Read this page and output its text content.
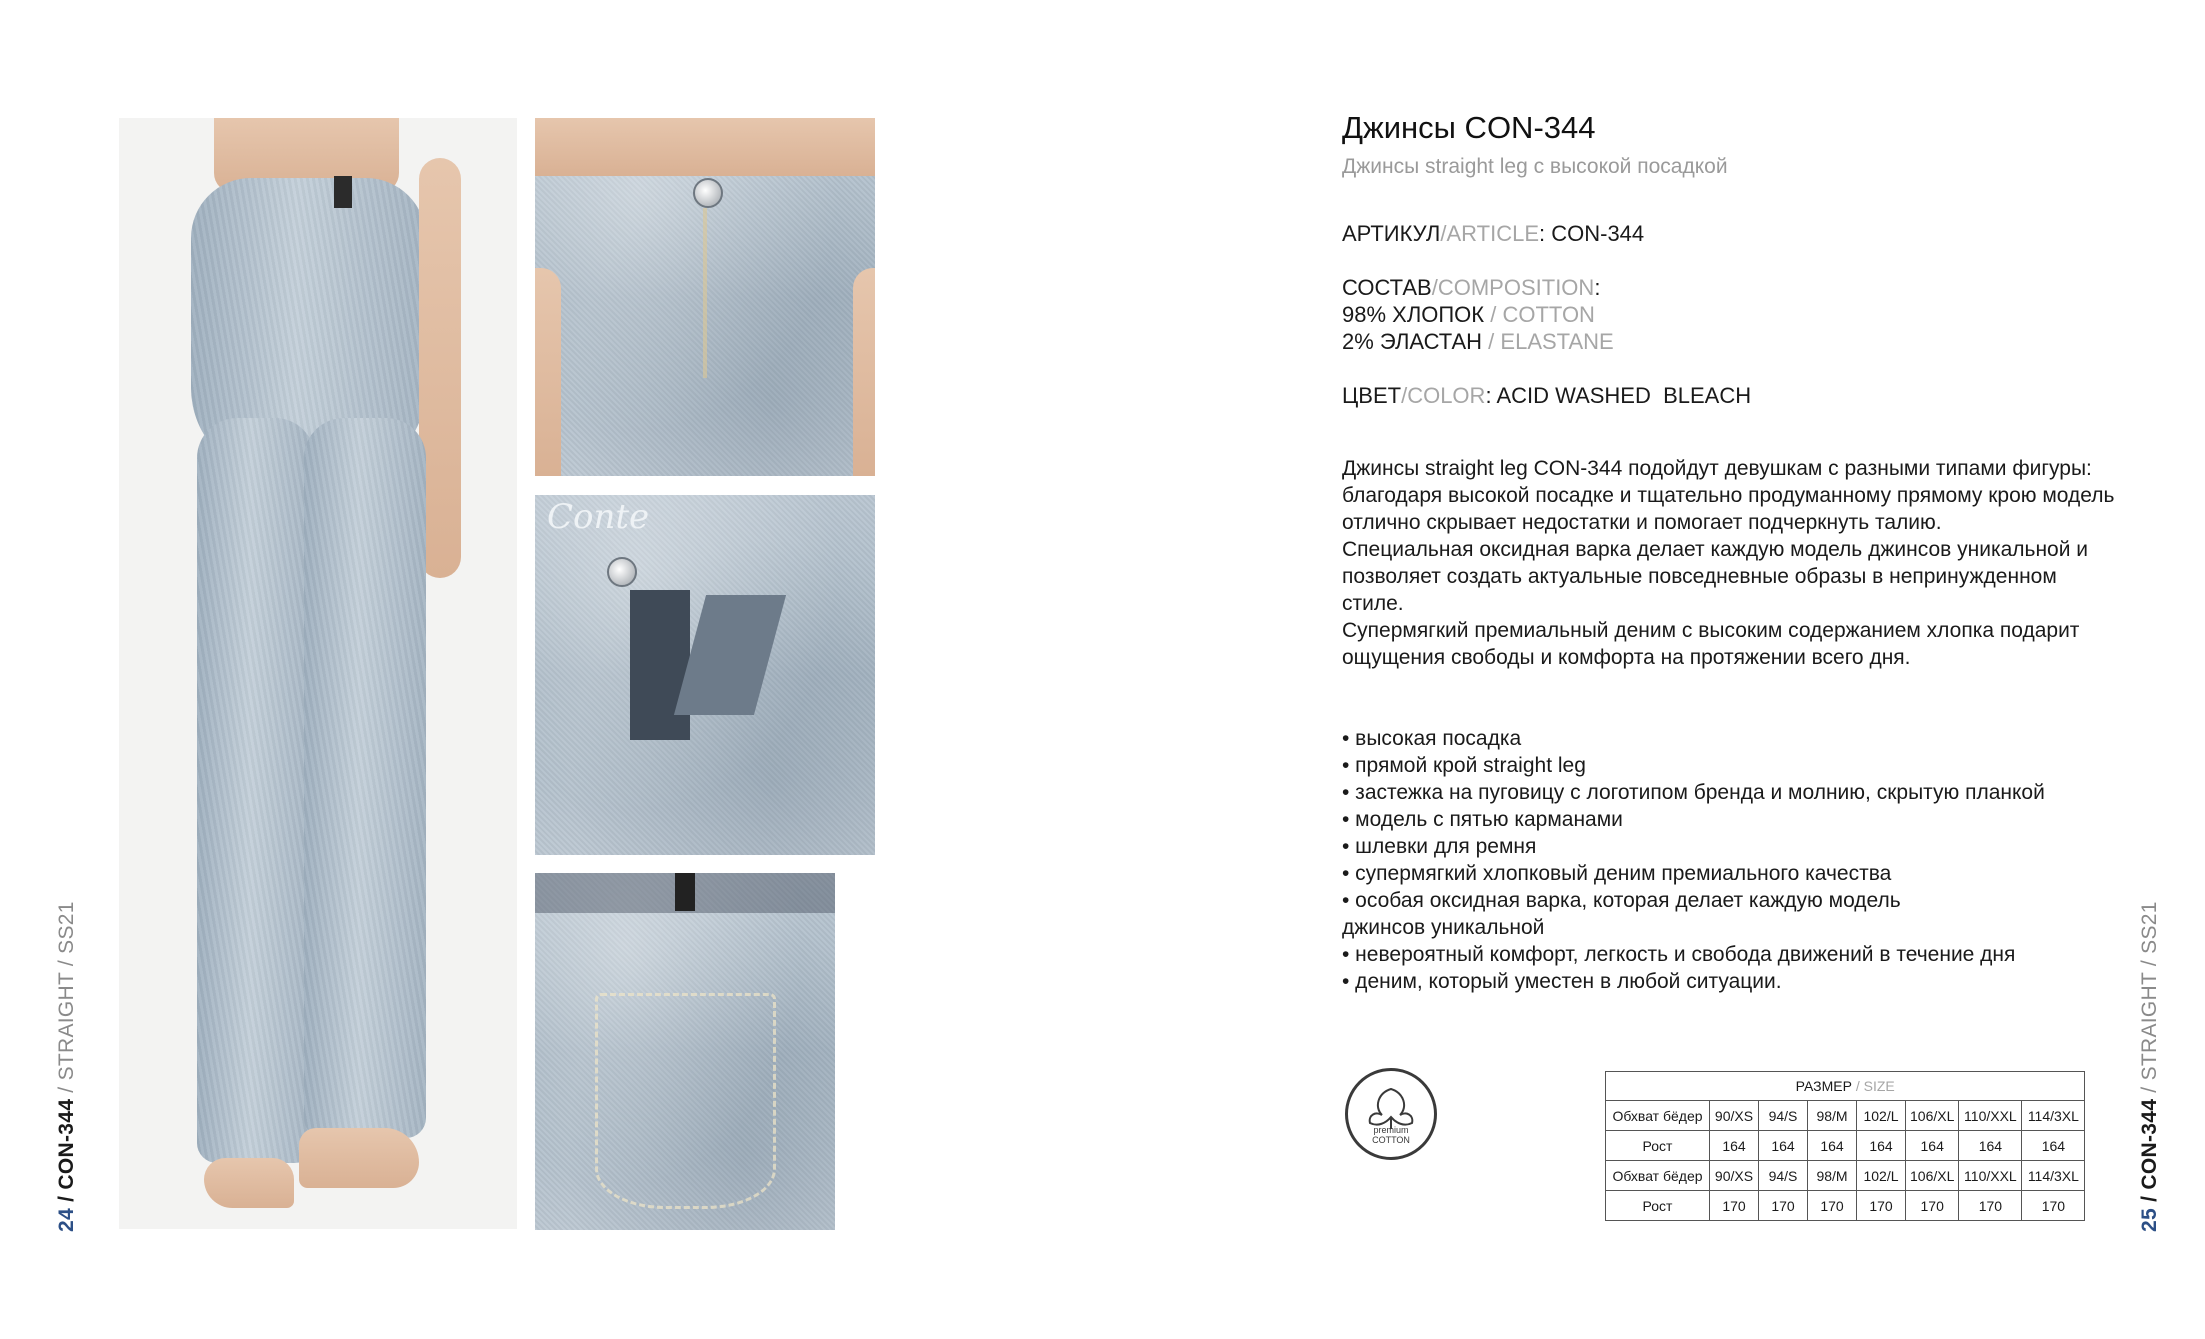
Conte
24 / CON-344 / STRAIGHT / SS21
Джинсы CON-344
Джинсы straight leg с высокой посадкой
АРТИКУЛ/ARTICLE: CON-344
СОСТАВ/COMPOSITION:
98% ХЛОПОК / COTTON
2% ЭЛАСТАН / ELASTANE
ЦВЕТ/COLOR: ACID WASHED  BLEACH

Джинсы straight leg CON-344 подойдут девушкам с разными типами фигуры: благодаря высокой посадке и тщательно продуманному прямому крою модель отлично скрывает недостатки и помогает подчеркнуть талию.

Специальная оксидная варка делает каждую модель джинсов уникальной и позволяет создать актуальные повседневные образы в непринужденном стиле.

Супермягкий премиальный деним с высоким содержанием хлопка подарит ощущения свободы и комфорта на протяжении всего дня.

• высокая посадка
• прямой крой straight leg
• застежка на пуговицу с логотипом бренда и молнию, скрытую планкой
• модель с пятью карманами
• шлевки для ремня
• супермягкий хлопковый деним премиального качества
• особая оксидная варка, которая делает каждую модель
джинсов уникальной
• невероятный комфорт, легкость и свобода движений в течение дня
• деним, который уместен в любой ситуации.
premium
COTTON
РАЗМЕР / SIZE							
Обхват бёдер	90/XS	94/S	98/M	102/L	106/XL	110/XXL	114/3XL
Рост	164	164	164	164	164	164	164
Обхват бёдер	90/XS	94/S	98/M	102/L	106/XL	110/XXL	114/3XL
Рост	170	170	170	170	170	170	170
25 / CON-344 / STRAIGHT / SS21
